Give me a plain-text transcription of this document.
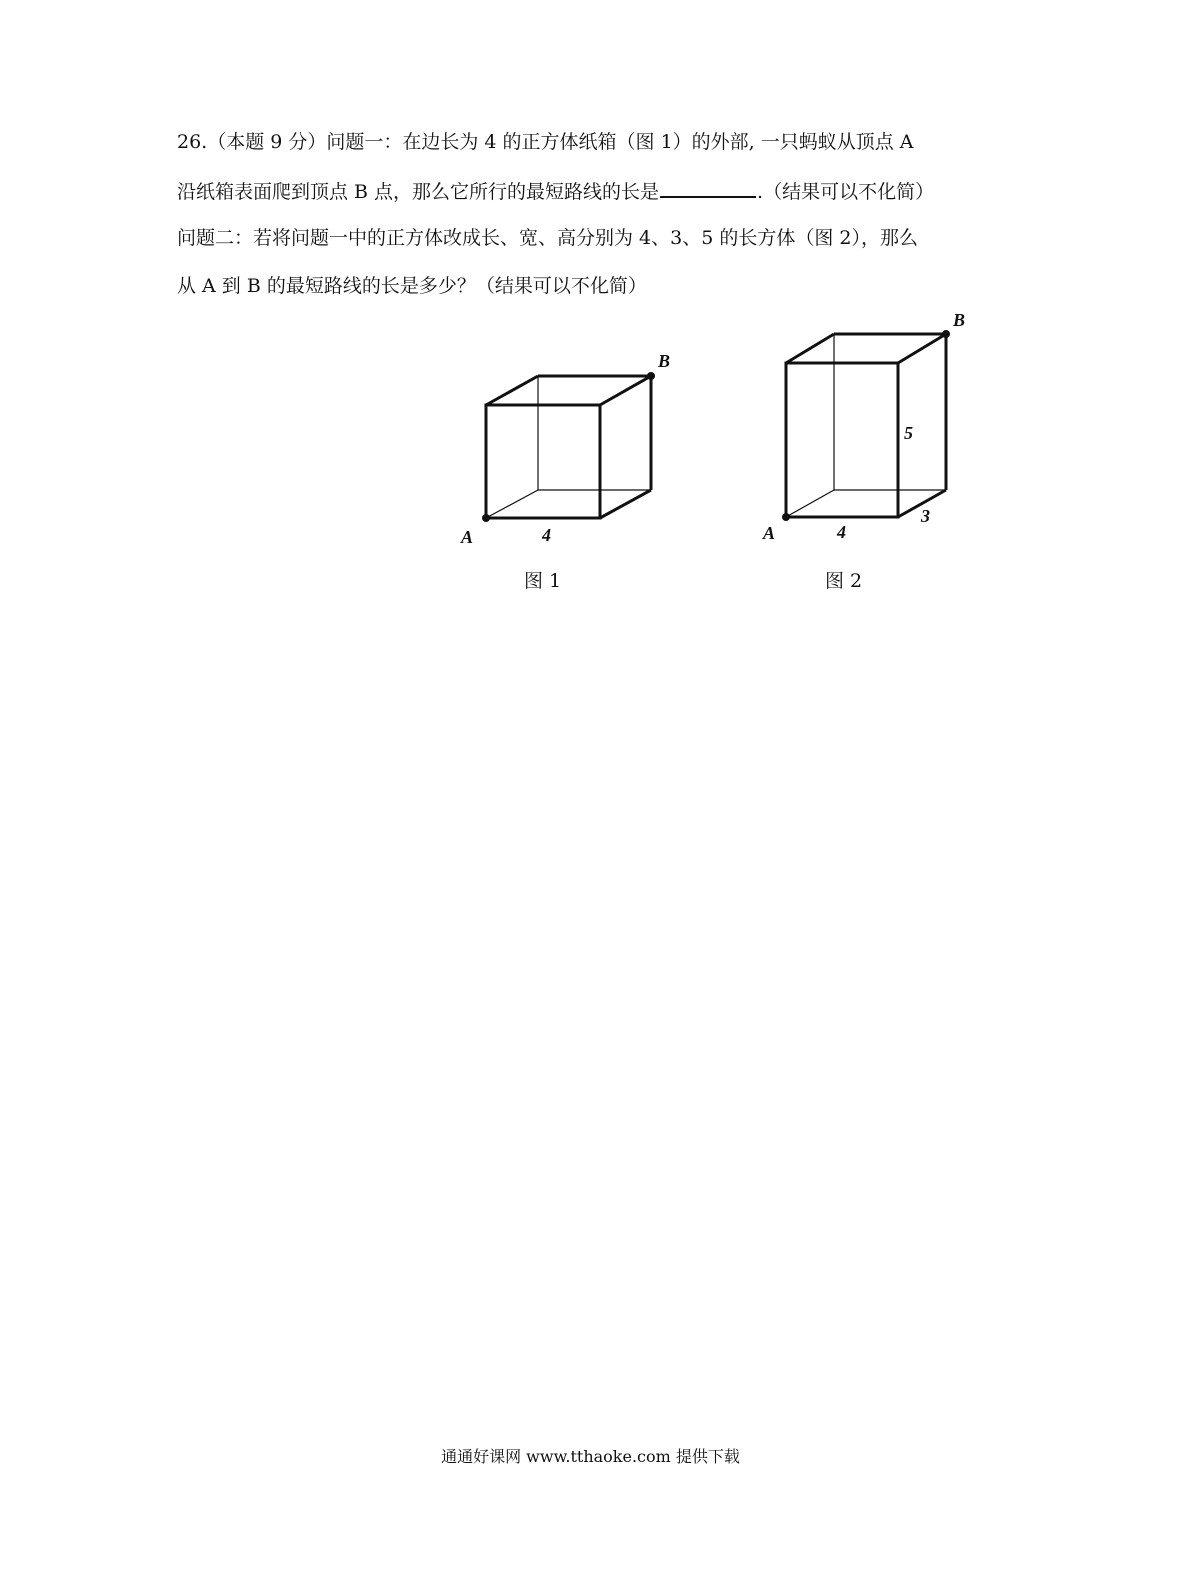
26.（本题 9 分）问题一：在边长为 4 的正方体纸箱（图 1）的外部, 一只蚂蚁从顶点 A
沿纸箱表面爬到顶点 B 点，那么它所行的最短路线的长是	.（结果可以不化简）
问题二：若将问题一中的正方体改成长、宽、高分别为 4、3、5 的长方体（图 2），那么
从 A 到 B 的最短路线的长是多少？（结果可以不化简）
A
B
4
图 1
A
B
4
3
5
图 2
通通好课网 www.tthaoke.com 提供下载
